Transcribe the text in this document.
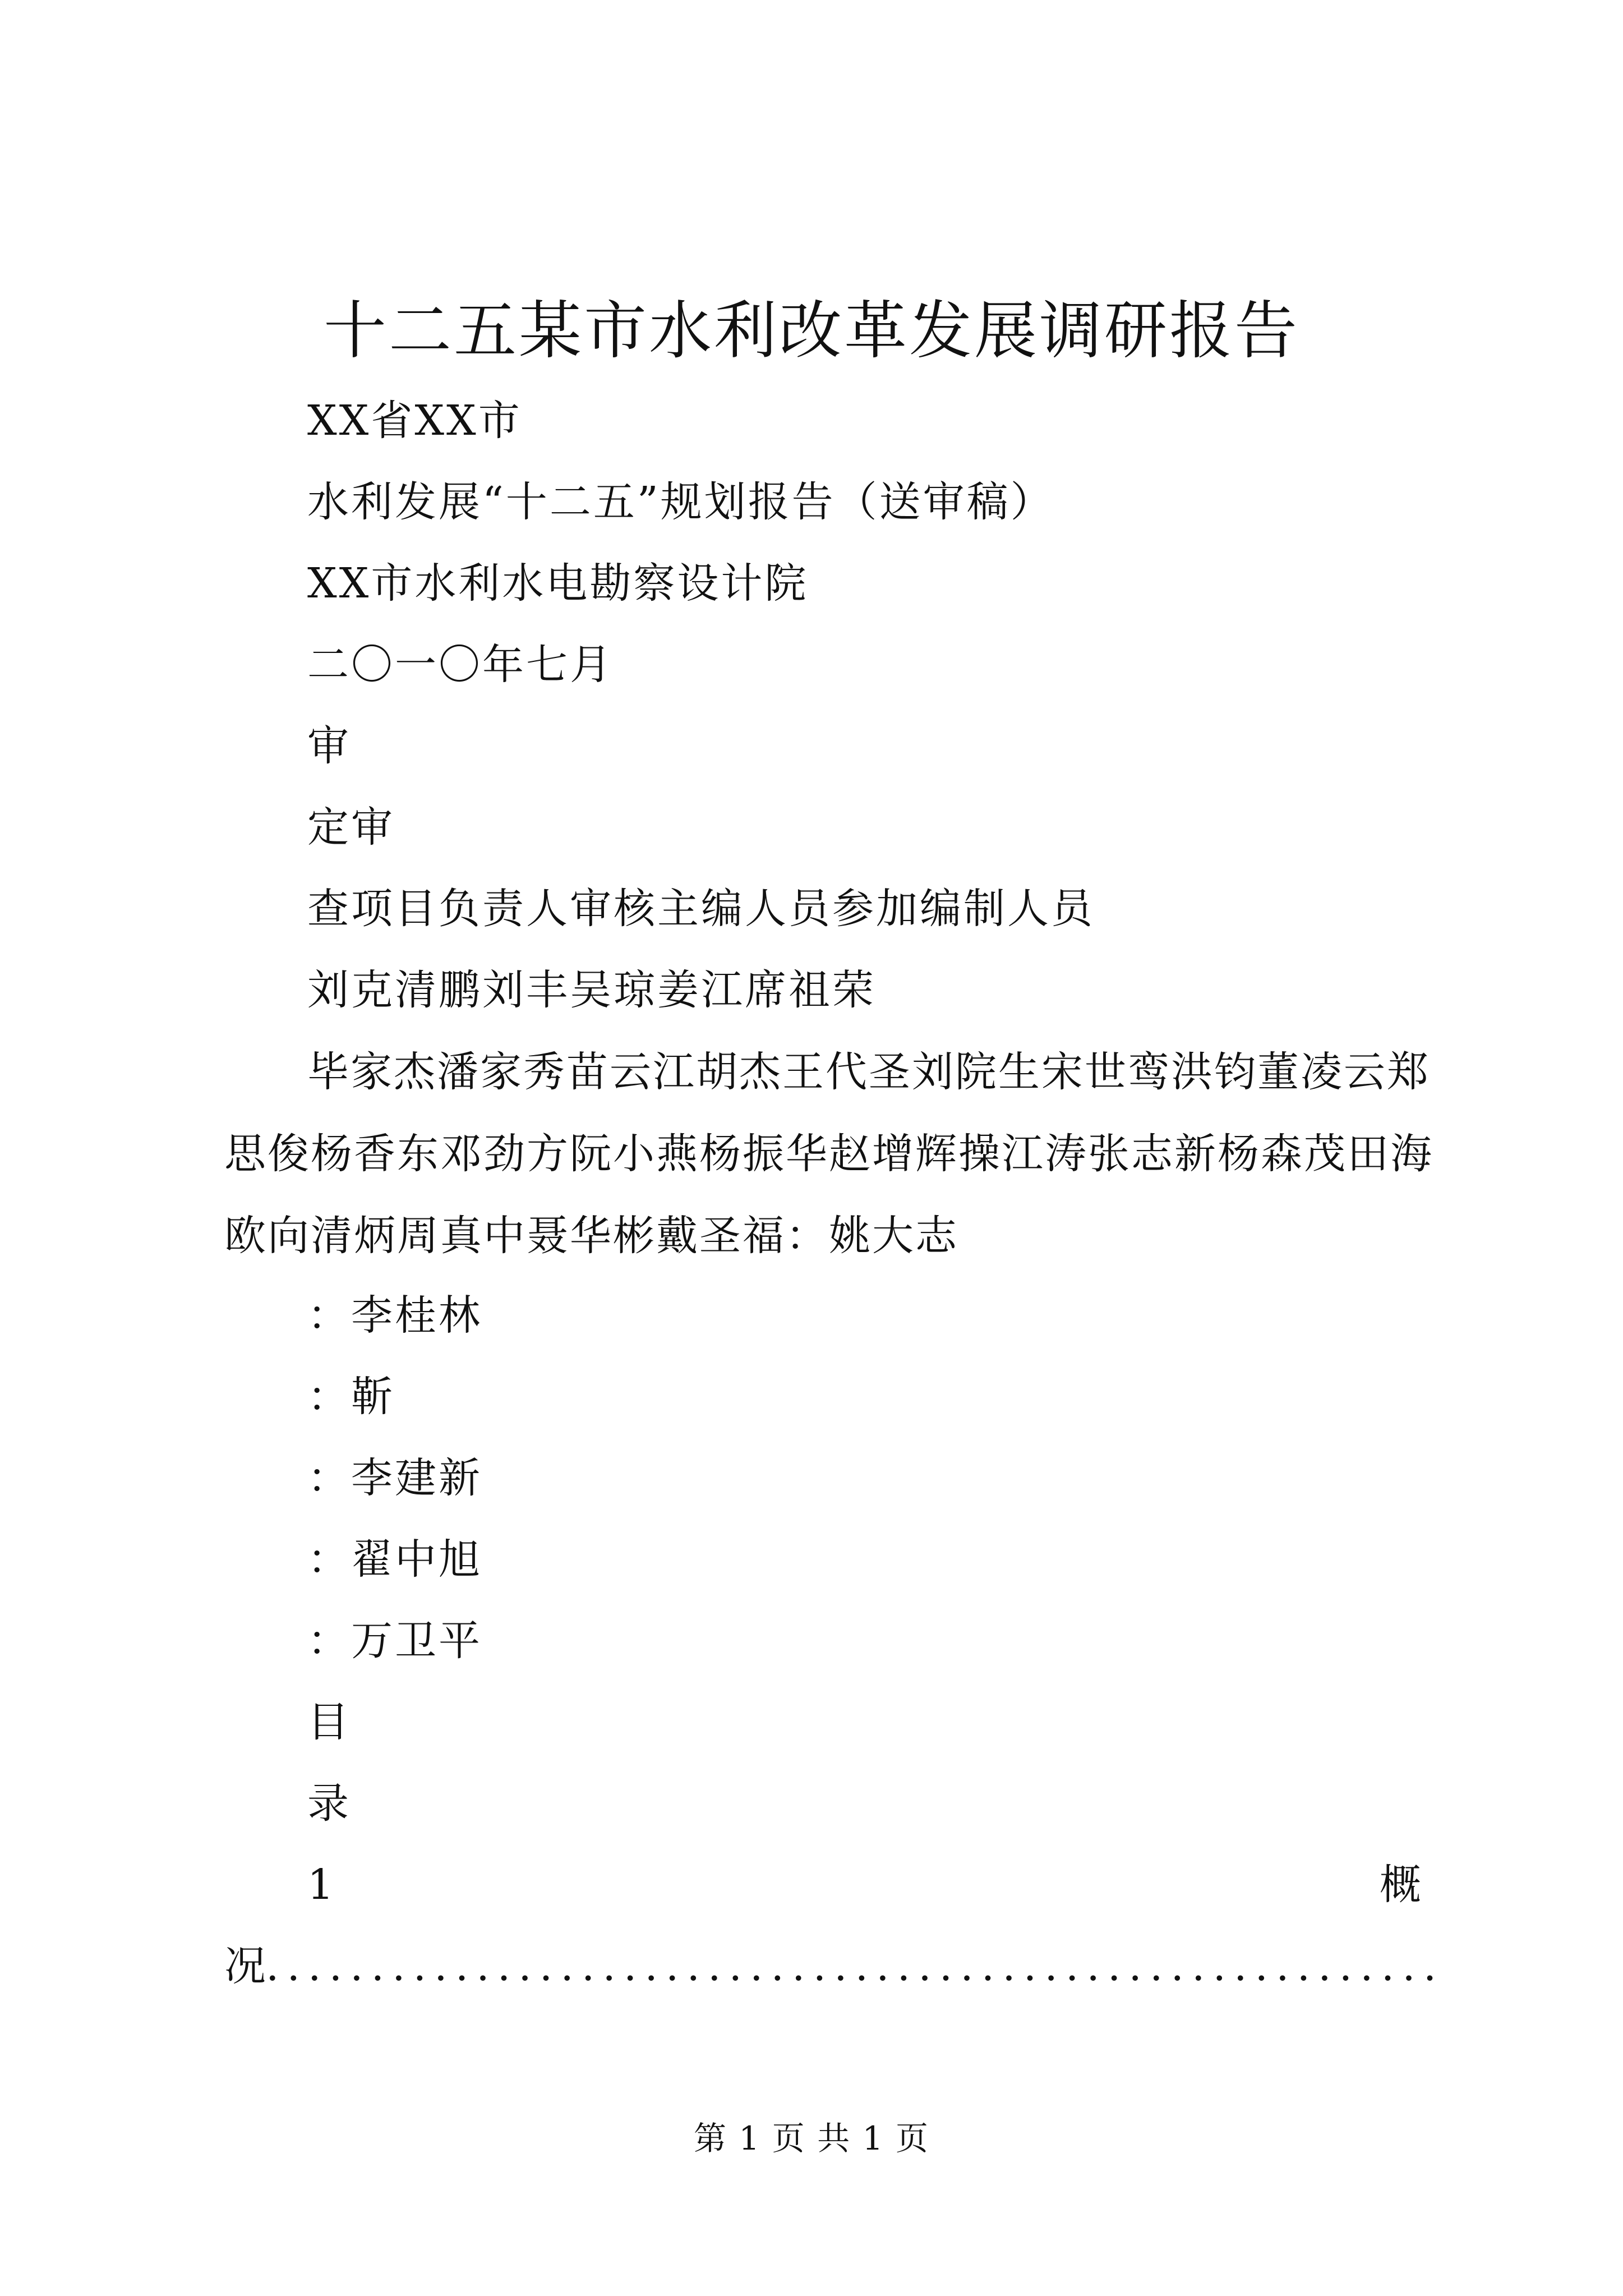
十二五某市水利改革发展调研报告
XX省XX市
水利发展“十二五”规划报告（送审稿）
XX市水利水电勘察设计院
二〇一〇年七月
审
定审
查项目负责人审核主编人员参加编制人员
刘克清鹏刘丰吴琼姜江席祖荣
毕家杰潘家秀苗云江胡杰王代圣刘院生宋世鸾洪钧董凌云郑思俊杨香东邓劲方阮小燕杨振华赵增辉操江涛张志新杨森茂田海欧向清炳周真中聂华彬戴圣福：姚大志
：李桂林
：靳
：李建新
：翟中旭
：万卫平
目
录
1	概
况........................................................
第 1 页 共 1 页
